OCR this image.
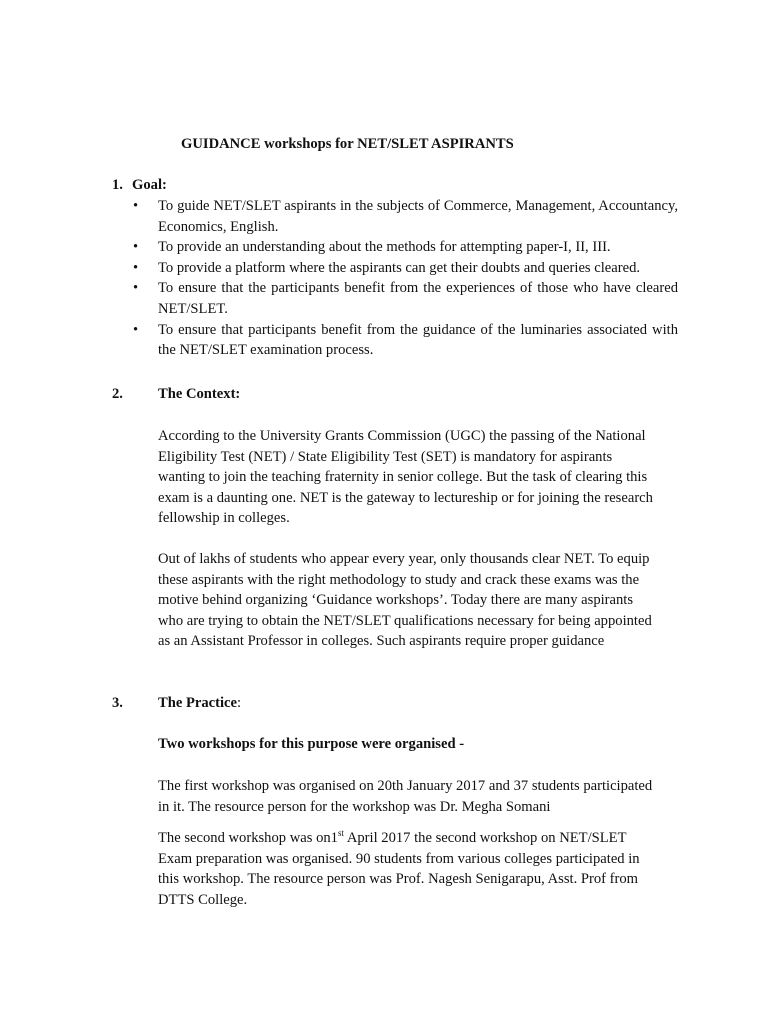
GUIDANCE workshops for NET/SLET ASPIRANTS
1. Goal:
• To guide NET/SLET aspirants in the subjects of Commerce, Management, Accountancy, Economics, English.
• To provide an understanding about the methods for attempting paper-I, II, III.
• To provide a platform where the aspirants can get their doubts and queries cleared.
• To ensure that the participants benefit from the experiences of those who have cleared NET/SLET.
• To ensure that participants benefit from the guidance of the luminaries associated with the NET/SLET examination process.
2. The Context:
According to the University Grants Commission (UGC) the passing of the National
Eligibility Test (NET) / State Eligibility Test (SET) is mandatory for aspirants
wanting to join the teaching fraternity in senior college. But the task of clearing this
exam is a daunting one. NET is the gateway to lectureship or for joining the research
fellowship in colleges.
Out of lakhs of students who appear every year, only thousands clear NET. To equip
these aspirants with the right methodology to study and crack these exams was the
motive behind organizing ‘Guidance workshops’. Today there are many aspirants
who are trying to obtain the NET/SLET qualifications necessary for being appointed
as an Assistant Professor in colleges. Such aspirants require proper guidance
3. The Practice:
Two workshops for this purpose were organised -
The first workshop was organised on 20th January 2017 and 37 students participated
in it. The resource person for the workshop was Dr. Megha Somani
The second workshop was on1st April 2017 the second workshop on NET/SLET
Exam preparation was organised. 90 students from various colleges participated in
this workshop. The resource person was Prof. Nagesh Senigarapu, Asst. Prof from
DTTS College.
